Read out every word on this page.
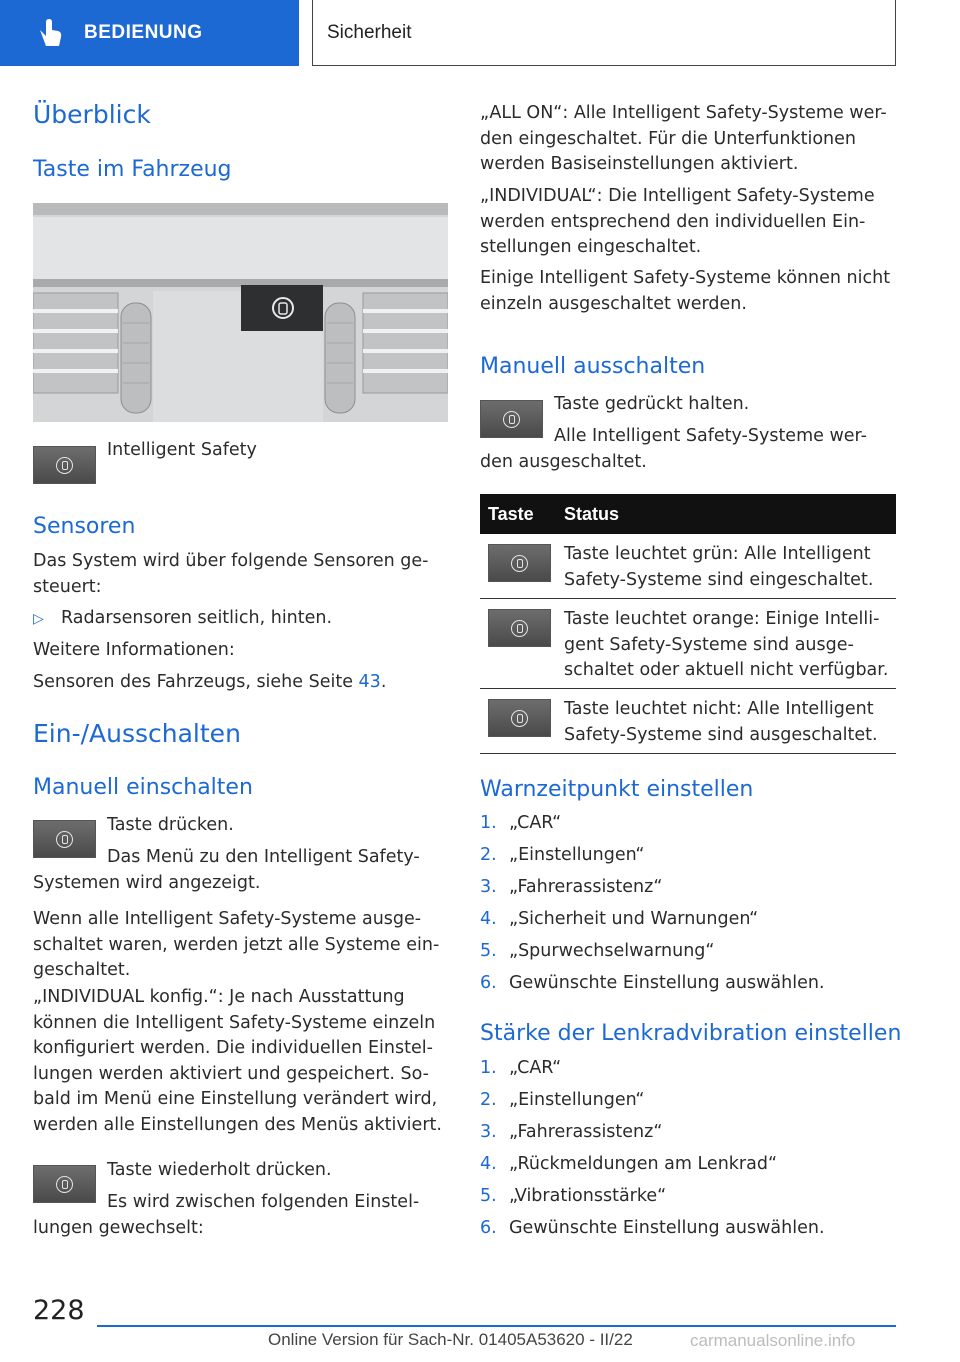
BEDIENUNG	Sicherheit
Überblick
Taste im Fahrzeug
Intelligent Safety
Sensoren
Das System wird über folgende Sensoren ge-steuert:
▷ Radarsensoren seitlich, hinten.
Weitere Informationen:
Sensoren des Fahrzeugs, siehe Seite 43.
Ein-/Ausschalten
Manuell einschalten
Taste drücken.
Das Menü zu den Intelligent Safety-Systemen wird angezeigt.
Wenn alle Intelligent Safety-Systeme ausge-schaltet waren, werden jetzt alle Systeme ein-geschaltet.
„INDIVIDUAL konfig.“: Je nach Ausstattung können die Intelligent Safety-Systeme einzeln konfiguriert werden. Die individuellen Einstel-lungen werden aktiviert und gespeichert. So-bald im Menü eine Einstellung verändert wird, werden alle Einstellungen des Menüs aktiviert.
Taste wiederholt drücken.
Es wird zwischen folgenden Einstel-lungen gewechselt:
„ALL ON“: Alle Intelligent Safety-Systeme wer-den eingeschaltet. Für die Unterfunktionen werden Basiseinstellungen aktiviert.
„INDIVIDUAL“: Die Intelligent Safety-Systeme werden entsprechend den individuellen Ein-stellungen eingeschaltet.
Einige Intelligent Safety-Systeme können nicht einzeln ausgeschaltet werden.
Manuell ausschalten
Taste gedrückt halten.
Alle Intelligent Safety-Systeme wer-den ausgeschaltet.
Taste	Status
Taste leuchtet grün: Alle Intelligent Safety-Systeme sind eingeschaltet.
Taste leuchtet orange: Einige Intelli-gent Safety-Systeme sind ausge-schaltet oder aktuell nicht verfügbar.
Taste leuchtet nicht: Alle Intelligent Safety-Systeme sind ausgeschaltet.
Warnzeitpunkt einstellen
1. „CAR“
2. „Einstellungen“
3. „Fahrerassistenz“
4. „Sicherheit und Warnungen“
5. „Spurwechselwarnung“
6. Gewünschte Einstellung auswählen.
Stärke der Lenkradvibration einstellen
1. „CAR“
2. „Einstellungen“
3. „Fahrerassistenz“
4. „Rückmeldungen am Lenkrad“
5. „Vibrationsstärke“
6. Gewünschte Einstellung auswählen.
228
Online Version für Sach-Nr. 01405A53620 - II/22	carmanualsonline.info
